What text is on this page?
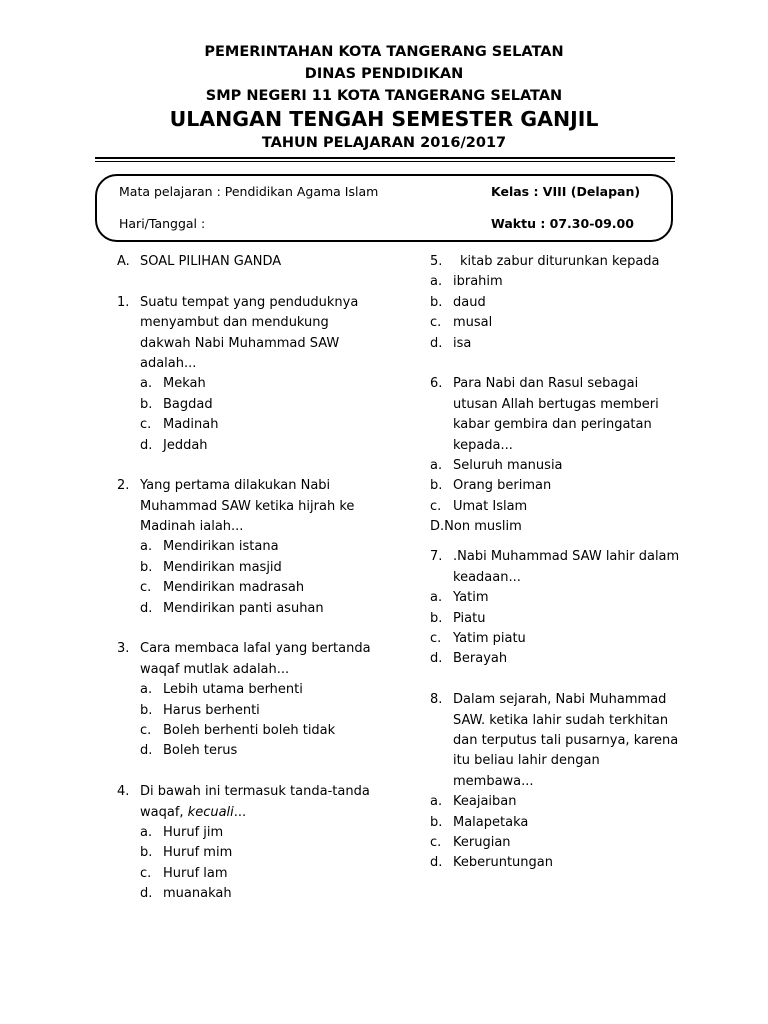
PEMERINTAHAN KOTA TANGERANG SELATAN
DINAS PENDIDIKAN
SMP NEGERI 11 KOTA TANGERANG SELATAN
ULANGAN TENGAH SEMESTER GANJIL
TAHUN PELAJARAN 2016/2017
Mata pelajaran : Pendidikan Agama Islam	Kelas : VIII (Delapan)
Hari/Tanggal :	Waktu : 07.30-09.00
A. SOAL PILIHAN GANDA
1. Suatu tempat yang penduduknya
menyambut dan mendukung
dakwah Nabi Muhammad SAW
adalah...
a. Mekah
b. Bagdad
c. Madinah
d. Jeddah
2. Yang pertama dilakukan Nabi
Muhammad SAW ketika hijrah ke
Madinah ialah...
a. Mendirikan istana
b. Mendirikan masjid
c. Mendirikan madrasah
d. Mendirikan panti asuhan
3. Cara membaca lafal yang bertanda
waqaf mutlak adalah...
a. Lebih utama berhenti
b. Harus berhenti
c. Boleh berhenti boleh tidak
d. Boleh terus
4. Di bawah ini termasuk tanda-tanda
waqaf, kecuali...
a. Huruf jim
b. Huruf mim
c. Huruf lam
d. muanakah
5.	kitab zabur diturunkan kepada
a. ibrahim
b. daud
c. musal
d. isa
6. Para Nabi dan Rasul sebagai
utusan Allah bertugas memberi
kabar gembira dan peringatan
kepada...
a. Seluruh manusia
b. Orang beriman
c. Umat Islam
D.Non muslim
7. .Nabi Muhammad SAW lahir dalam
keadaan...
a. Yatim
b. Piatu
c. Yatim piatu
d. Berayah
8. Dalam sejarah, Nabi Muhammad
SAW. ketika lahir sudah terkhitan
dan terputus tali pusarnya, karena
itu beliau lahir dengan
membawa...
a. Keajaiban
b. Malapetaka
c. Kerugian
d. Keberuntungan
